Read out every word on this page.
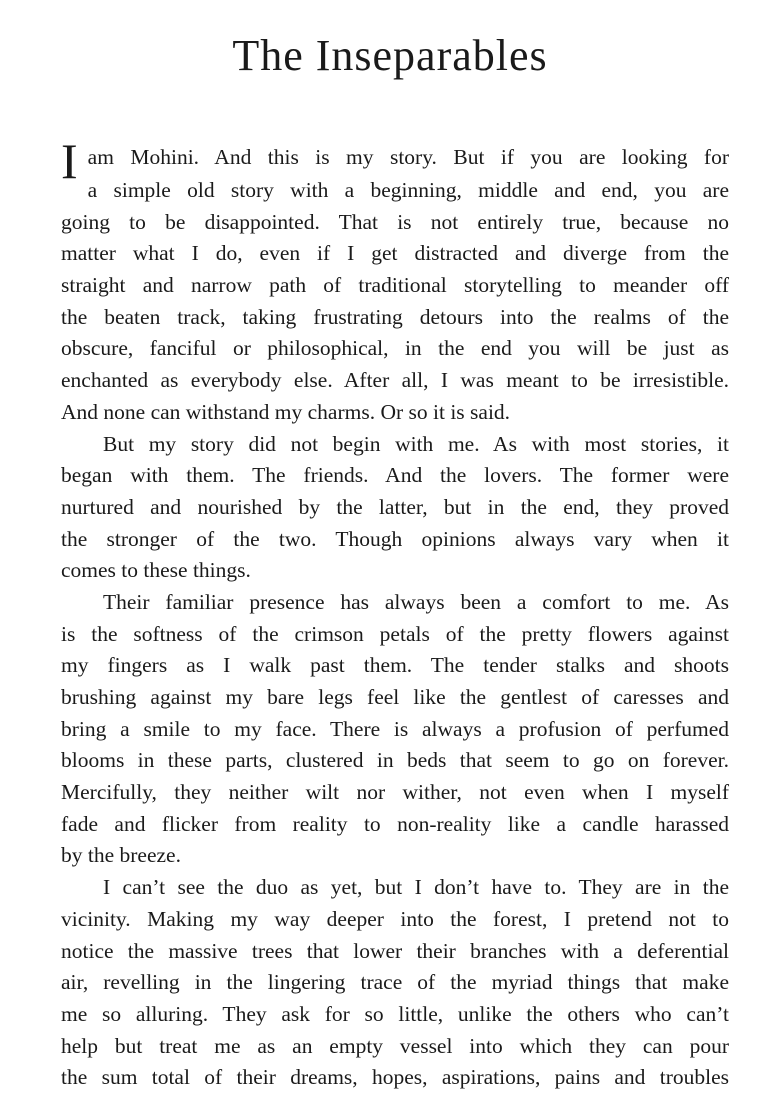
The Inseparables

I am Mohini. And this is my story. But if you are looking for
a simple old story with a beginning, middle and end, you are
going to be disappointed. That is not entirely true, because no
matter what I do, even if I get distracted and diverge from the
straight and narrow path of traditional storytelling to meander off
the beaten track, taking frustrating detours into the realms of the
obscure, fanciful or philosophical, in the end you will be just as
enchanted as everybody else. After all, I was meant to be irresistible.
And none can withstand my charms. Or so it is said.

But my story did not begin with me. As with most stories, it
began with them. The friends. And the lovers. The former were
nurtured and nourished by the latter, but in the end, they proved
the stronger of the two. Though opinions always vary when it
comes to these things.

Their familiar presence has always been a comfort to me. As
is the softness of the crimson petals of the pretty flowers against
my fingers as I walk past them. The tender stalks and shoots
brushing against my bare legs feel like the gentlest of caresses and
bring a smile to my face. There is always a profusion of perfumed
blooms in these parts, clustered in beds that seem to go on forever.
Mercifully, they neither wilt nor wither, not even when I myself
fade and flicker from reality to non-reality like a candle harassed
by the breeze.

I can’t see the duo as yet, but I don’t have to. They are in the
vicinity. Making my way deeper into the forest, I pretend not to
notice the massive trees that lower their branches with a deferential
air, revelling in the lingering trace of the myriad things that make
me so alluring. They ask for so little, unlike the others who can’t
help but treat me as an empty vessel into which they can pour
the sum total of their dreams, hopes, aspirations, pains and troubles
